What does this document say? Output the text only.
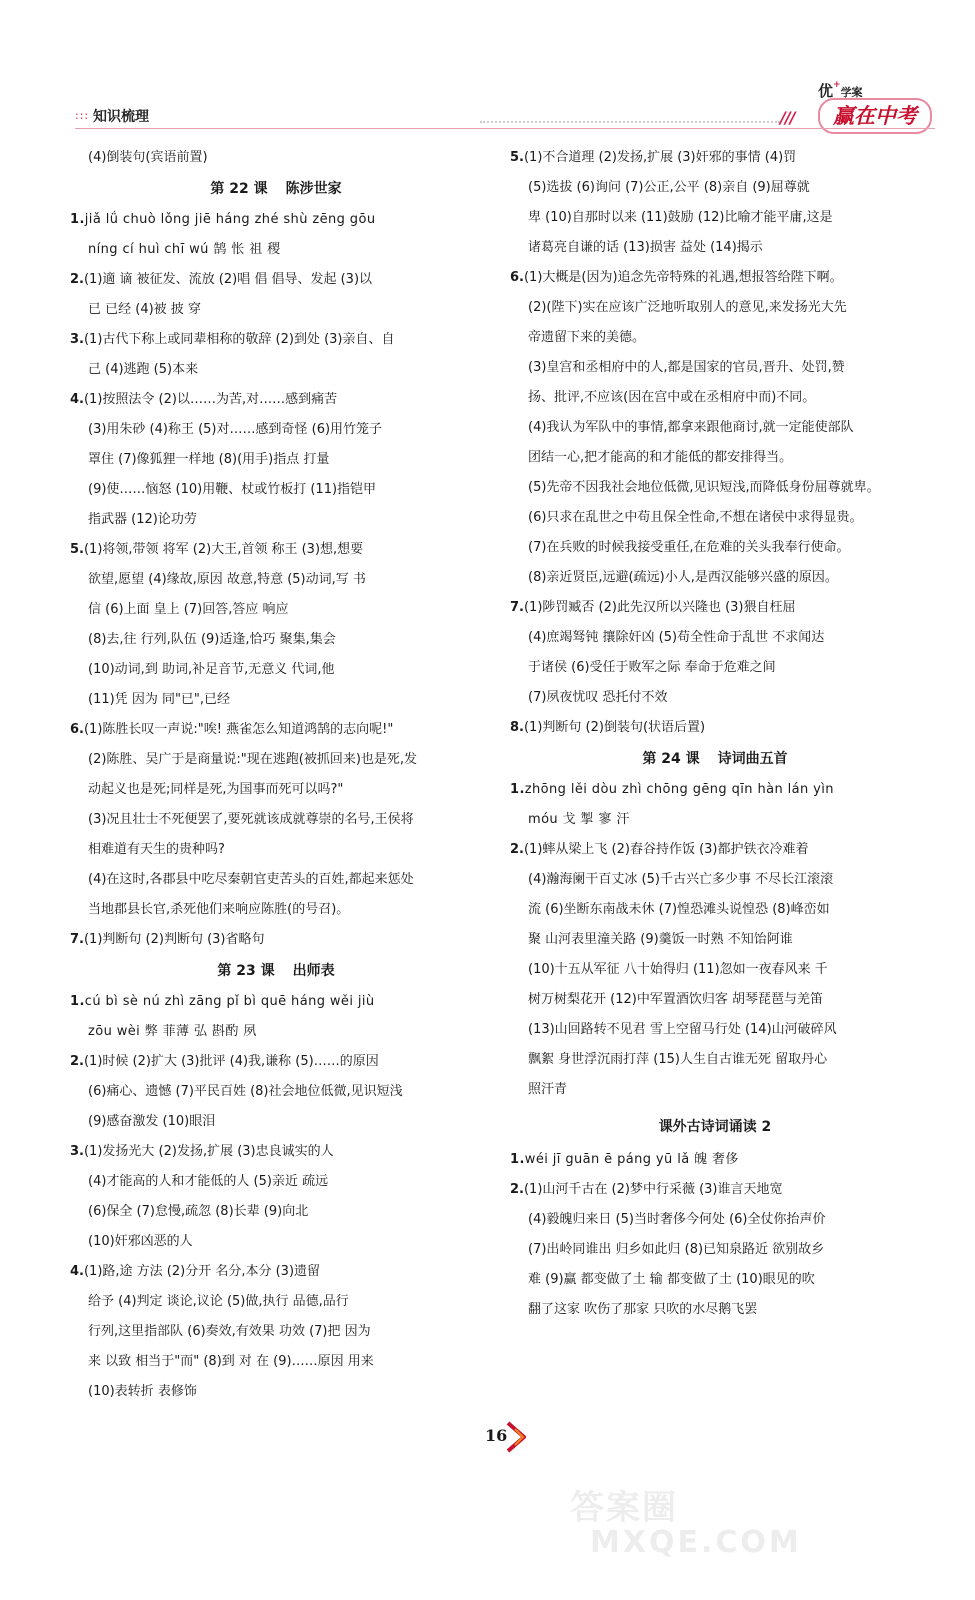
::: 知识梳理	///
优+学案
赢在中考
(4)倒装句(宾语前置)
第 22 课 陈涉世家
1.jiǎ lǘ chuò lǒng jiē háng zhé shù zēng gōu
níng cí huì chī wú 鹄 怅 祖 稷
2.(1)適 谪 被征发、流放 (2)唱 倡 倡导、发起 (3)以
已 已经 (4)被 披 穿
3.(1)古代下称上或同辈相称的敬辞 (2)到处 (3)亲自、自
己 (4)逃跑 (5)本来
4.(1)按照法令 (2)以……为苦,对……感到痛苦
(3)用朱砂 (4)称王 (5)对……感到奇怪 (6)用竹笼子
罩住 (7)像狐狸一样地 (8)(用手)指点 打量
(9)使……恼怒 (10)用鞭、杖或竹板打 (11)指铠甲
指武器 (12)论功劳
5.(1)将领,带领 将军 (2)大王,首领 称王 (3)想,想要
欲望,愿望 (4)缘故,原因 故意,特意 (5)动词,写 书
信 (6)上面 皇上 (7)回答,答应 响应
(8)去,往 行列,队伍 (9)适逢,恰巧 聚集,集会
(10)动词,到 助词,补足音节,无意义 代词,他
(11)凭 因为 同"已",已经
6.(1)陈胜长叹一声说:"唉! 燕雀怎么知道鸿鹄的志向呢!"
(2)陈胜、吴广于是商量说:"现在逃跑(被抓回来)也是死,发
动起义也是死;同样是死,为国事而死可以吗?"
(3)况且壮士不死便罢了,要死就该成就尊崇的名号,王侯将
相难道有天生的贵种吗?
(4)在这时,各郡县中吃尽秦朝官吏苦头的百姓,都起来惩处
当地郡县长官,杀死他们来响应陈胜(的号召)。
7.(1)判断句 (2)判断句 (3)省略句
第 23 课 出师表
1.cú bì sè nú zhì zāng pǐ bì quē háng wěi jiù
zōu wèi 弊 菲薄 弘 斟酌 夙
2.(1)时候 (2)扩大 (3)批评 (4)我,谦称 (5)……的原因
(6)痛心、遗憾 (7)平民百姓 (8)社会地位低微,见识短浅
(9)感奋激发 (10)眼泪
3.(1)发扬光大 (2)发扬,扩展 (3)忠良诚实的人
(4)才能高的人和才能低的人 (5)亲近 疏远
(6)保全 (7)怠慢,疏忽 (8)长辈 (9)向北
(10)奸邪凶恶的人
4.(1)路,途 方法 (2)分开 名分,本分 (3)遗留
给予 (4)判定 谈论,议论 (5)做,执行 品德,品行
行列,这里指部队 (6)奏效,有效果 功效 (7)把 因为
来 以致 相当于"而" (8)到 对 在 (9)……原因 用来
(10)表转折 表修饰
5.(1)不合道理 (2)发扬,扩展 (3)奸邪的事情 (4)罚
(5)选拔 (6)询问 (7)公正,公平 (8)亲自 (9)屈尊就
卑 (10)自那时以来 (11)鼓励 (12)比喻才能平庸,这是
诸葛亮自谦的话 (13)损害 益处 (14)揭示
6.(1)大概是(因为)追念先帝特殊的礼遇,想报答给陛下啊。
(2)(陛下)实在应该广泛地听取别人的意见,来发扬光大先
帝遗留下来的美德。
(3)皇宫和丞相府中的人,都是国家的官员,晋升、处罚,赞
扬、批评,不应该(因在宫中或在丞相府中而)不同。
(4)我认为军队中的事情,都拿来跟他商讨,就一定能使部队
团结一心,把才能高的和才能低的都安排得当。
(5)先帝不因我社会地位低微,见识短浅,而降低身份屈尊就卑。
(6)只求在乱世之中苟且保全性命,不想在诸侯中求得显贵。
(7)在兵败的时候我接受重任,在危难的关头我奉行使命。
(8)亲近贤臣,远避(疏远)小人,是西汉能够兴盛的原因。
7.(1)陟罚臧否 (2)此先汉所以兴隆也 (3)猥自枉屈
(4)庶竭驽钝 攘除奸凶 (5)苟全性命于乱世 不求闻达
于诸侯 (6)受任于败军之际 奉命于危难之间
(7)夙夜忧叹 恐托付不效
8.(1)判断句 (2)倒装句(状语后置)
第 24 课 诗词曲五首
1.zhōng lěi dòu zhì chōng gēng qīn hàn lán yìn
móu 戈 掣 寥 汗
2.(1)蟀从梁上飞 (2)舂谷持作饭 (3)都护铁衣冷难着
(4)瀚海阑干百丈冰 (5)千古兴亡多少事 不尽长江滚滚
流 (6)坐断东南战未休 (7)惶恐滩头说惶恐 (8)峰峦如
聚 山河表里潼关路 (9)羹饭一时熟 不知饴阿谁
(10)十五从军征 八十始得归 (11)忽如一夜春风来 千
树万树梨花开 (12)中军置酒饮归客 胡琴琵琶与羌笛
(13)山回路转不见君 雪上空留马行处 (14)山河破碎风
飘絮 身世浮沉雨打萍 (15)人生自古谁无死 留取丹心
照汗青
课外古诗词诵读 2
1.wéi jī guān ē páng yū lǎ 魄 奢侈
2.(1)山河千古在 (2)梦中行采薇 (3)谁言天地宽
(4)毅魄归来日 (5)当时奢侈今何处 (6)全仗你抬声价
(7)出岭同谁出 归乡如此归 (8)已知泉路近 欲别故乡
难 (9)赢 都变做了土 输 都变做了土 (10)眼见的吹
翻了这家 吹伤了那家 只吹的水尽鹅飞罢
16
答案圈
MXQE.COM
